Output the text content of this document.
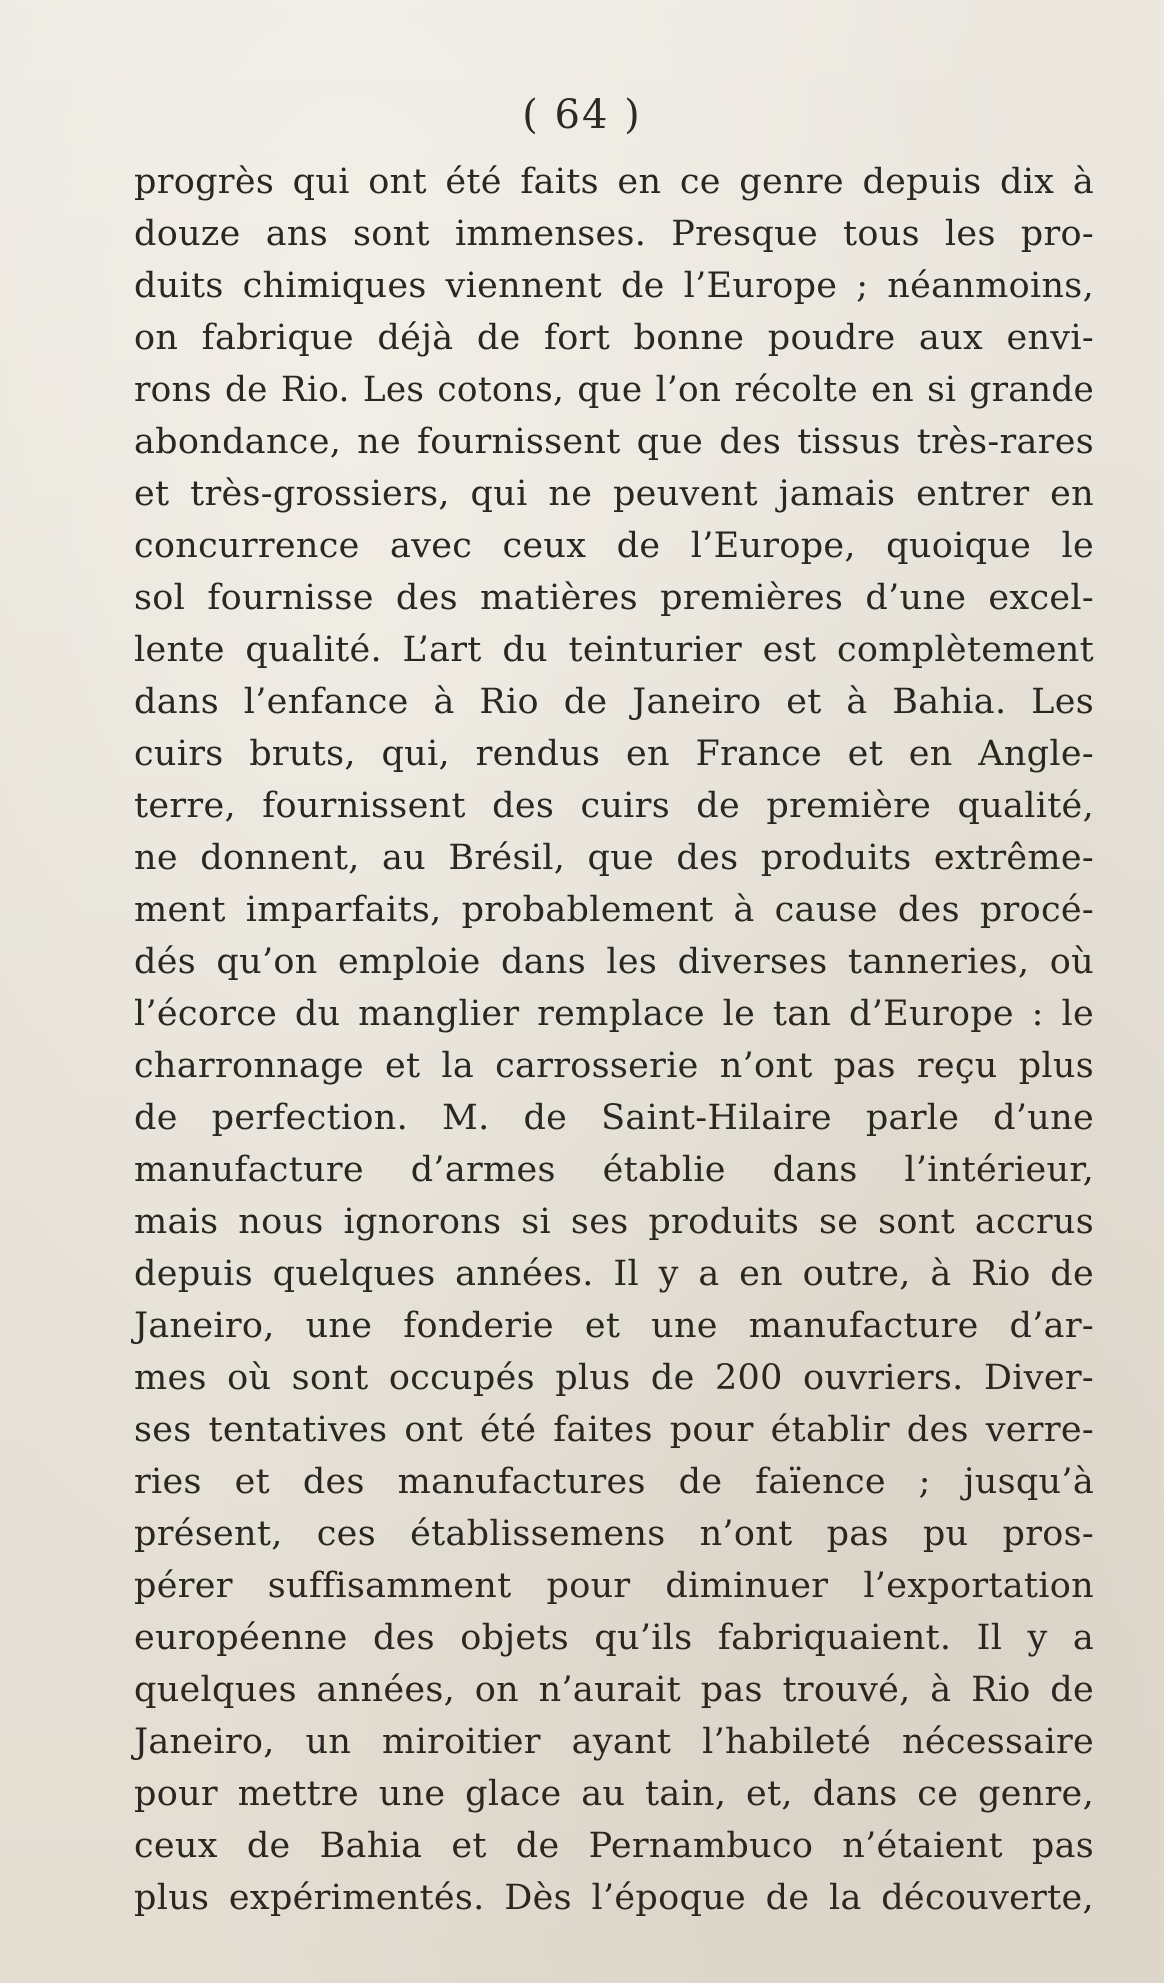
( 64 )
progrès qui ont été faits en ce genre depuis dix à
douze ans sont immenses. Presque tous les pro-
duits chimiques viennent de l’Europe ; néanmoins,
on fabrique déjà de fort bonne poudre aux envi-
rons de Rio. Les cotons, que l’on récolte en si grande
abondance, ne fournissent que des tissus très-rares
et très-grossiers, qui ne peuvent jamais entrer en
concurrence avec ceux de l’Europe, quoique le
sol fournisse des matières premières d’une excel-
lente qualité. L’art du teinturier est complètement
dans l’enfance à Rio de Janeiro et à Bahia. Les
cuirs bruts, qui, rendus en France et en Angle-
terre, fournissent des cuirs de première qualité,
ne donnent, au Brésil, que des produits extrême-
ment imparfaits, probablement à cause des procé-
dés qu’on emploie dans les diverses tanneries, où
l’écorce du manglier remplace le tan d’Europe : le
charronnage et la carrosserie n’ont pas reçu plus
de perfection. M. de Saint-Hilaire parle d’une
manufacture d’armes établie dans l’intérieur,
mais nous ignorons si ses produits se sont accrus
depuis quelques années. Il y a en outre, à Rio de
Janeiro, une fonderie et une manufacture d’ar-
mes où sont occupés plus de 200 ouvriers. Diver-
ses tentatives ont été faites pour établir des verre-
ries et des manufactures de faïence ; jusqu’à
présent, ces établissemens n’ont pas pu pros-
pérer suffisamment pour diminuer l’exportation
européenne des objets qu’ils fabriquaient. Il y a
quelques années, on n’aurait pas trouvé, à Rio de
Janeiro, un miroitier ayant l’habileté nécessaire
pour mettre une glace au tain, et, dans ce genre,
ceux de Bahia et de Pernambuco n’étaient pas
plus expérimentés. Dès l’époque de la découverte,
